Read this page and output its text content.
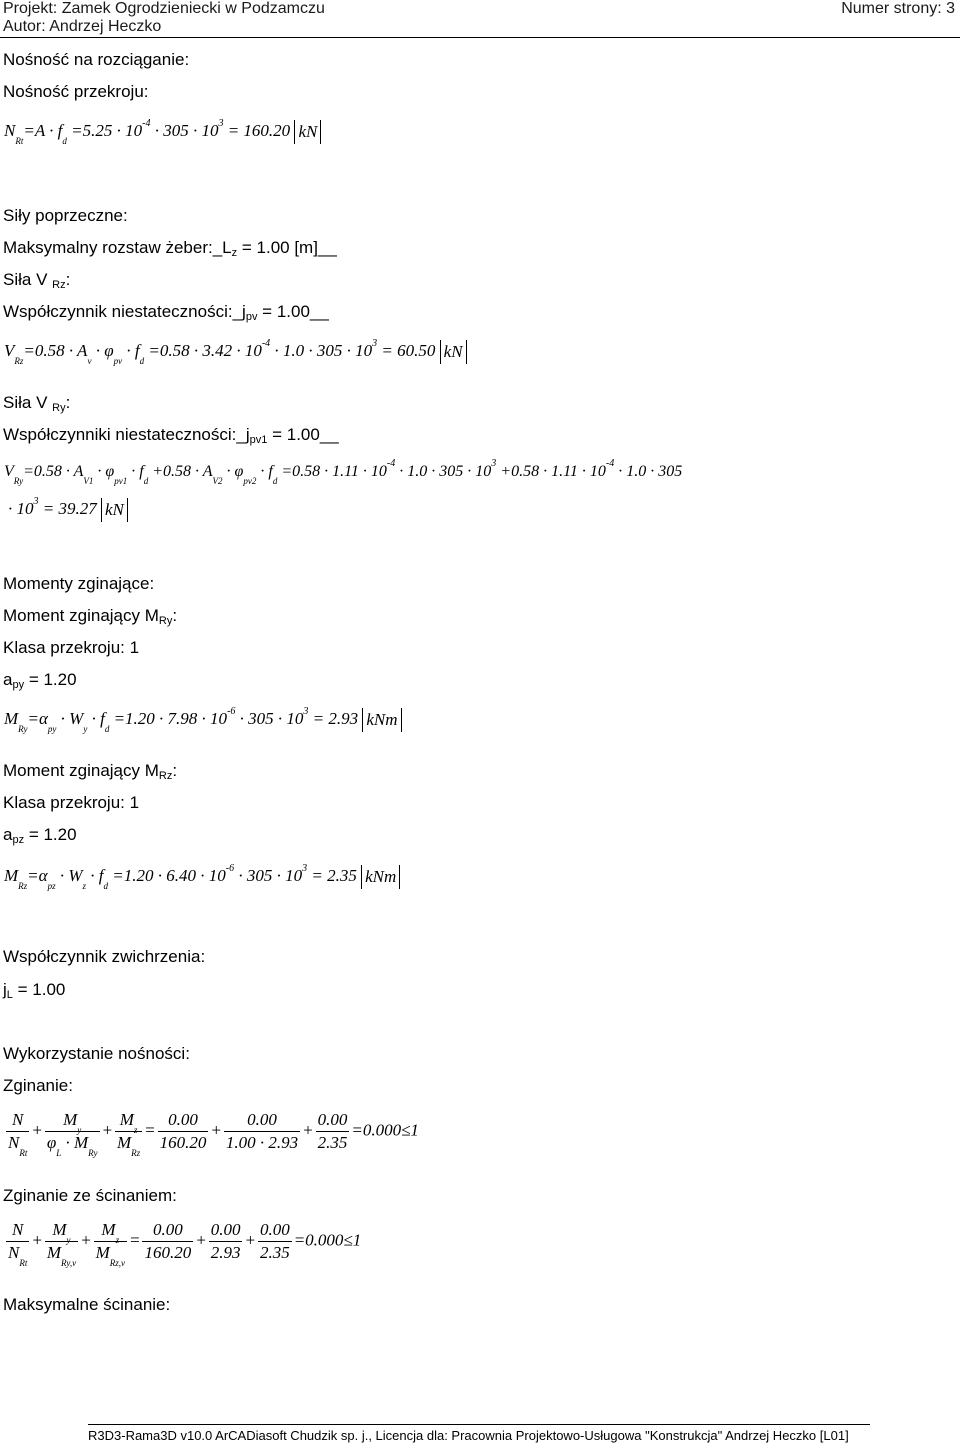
Projekt: Zamek Ogrodzieniecki w Podzamczu
Autor: Andrzej Heczko
Numer strony: 3
Nośność na rozciąganie:
Nośność przekroju:
$N_{Rt}=A \cdot f_d =5.25 \cdot 10^{-4} \cdot 305 \cdot 10^3 = 160.20$ kN
Siły poprzeczne:
Maksymalny rozstaw $żeber:\_L_z = 1.00$ [m]__
Siła V $_{Rz}$:
Współczynnik $niestateczności:\_j_{pv}$ = 1.00__
$V_{Rz}=0.58 \cdot A_v \cdot \varphi_{pv} \cdot f_d =0.58 \cdot 3.42 \cdot 10^{-4} \cdot 1.0 \cdot 305 \cdot 10^3 = 60.50$ kN
Siła V $_{Ry}$:
Współczynniki $niestateczności:\_j_{pv1}$ = 1.00__
$V_{Ry}=0.58 \cdot A_{V1} \cdot \varphi_{pv1} \cdot f_d +0.58 \cdot A_{V2} \cdot \varphi_{pv2} \cdot f_d =0.58 \cdot 1.11 \cdot 10^{-4} \cdot 1.0 \cdot 305 \cdot 10^3 +0.58 \cdot 1.11 \cdot 10^{-4} \cdot 1.0 \cdot 305$
· $10^3 = 39.27$ kN
Momenty zginające:
Moment zginający $M_{Ry}$:
Klasa przekroju: 1
$a_{py} = 1.20$
$M_{Ry}=\alpha_{py} \cdot W_y \cdot f_d =1.20 \cdot 7.98 \cdot 10^{-6} \cdot 305 \cdot 10^3 = 2.93$ kNm
Moment zginający $M_{Rz}$:
Klasa przekroju: 1
$a_{pz} = 1.20$
$M_{Rz}=\alpha_{pz} \cdot W_z \cdot f_d =1.20 \cdot 6.40 \cdot 10^{-6} \cdot 305 \cdot 10^3 = 2.35$ kNm
Współczynnik zwichrzenia:
$j_L = 1.00$
Wykorzystanie nośności:
Zginanie:
$\frac{N}{N_{Rt}} + \frac{M_y}{\varphi_L \cdot M_{Ry}} + \frac{M_z}{M_{Rz}} = \frac{0.00}{160.20} + \frac{0.00}{1.00 \cdot 2.93} + \frac{0.00}{2.35} =0.000\le 1$
Zginanie ze ścinaniem:
$\frac{N}{N_{Rt}} + \frac{M_y}{M_{Ry,v}} + \frac{M_z}{M_{Rz,v}} = \frac{0.00}{160.20} + \frac{0.00}{2.93} + \frac{0.00}{2.35} =0.000\le 1$
Maksymalne ścinanie:
R3D3-Rama3D v10.0 ArCADiasoft Chudzik sp. j., Licencja dla: Pracownia Projektowo-Usługowa "Konstrukcja" Andrzej Heczko [L01]
